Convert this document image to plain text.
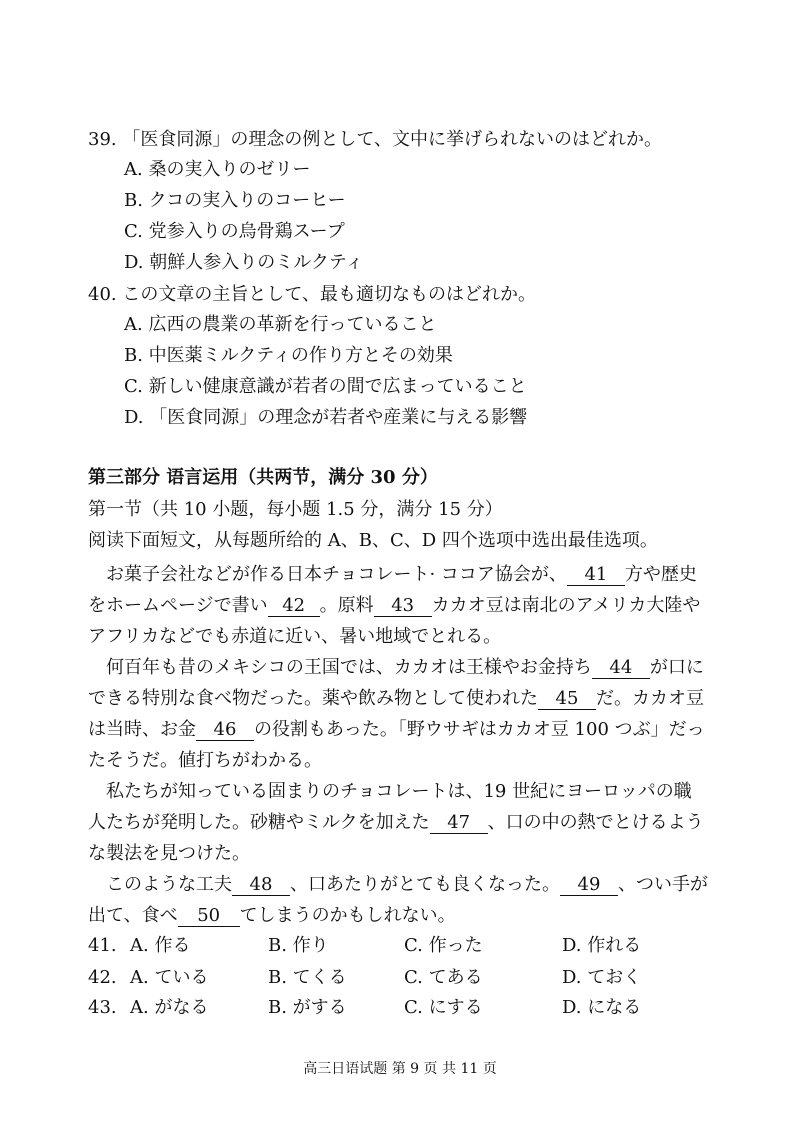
39. 「医食同源」の理念の例として、文中に挙げられないのはどれか。
A. 桑の実入りのゼリー
B. クコの実入りのコーヒー
C. 党参入りの烏骨鶏スープ
D. 朝鮮人参入りのミルクティ
40. この文章の主旨として、最も適切なものはどれか。
A. 広西の農業の革新を行っていること
B. 中医薬ミルクティの作り方とその効果
C. 新しい健康意識が若者の間で広まっていること
D. 「医食同源」の理念が若者や産業に与える影響
第三部分 语言运用（共两节，满分 30 分）
第一节（共 10 小题，每小题 1.5 分，满分 15 分）
阅读下面短文，从每题所给的 A、B、C、D 四个选项中选出最佳选项。
お菓子会社などが作る日本チョコレート· ココア協会が、 41 方や歴史
をホームページで書い 42 。原料 43 カカオ豆は南北のアメリカ大陸や
アフリカなどでも赤道に近い、暑い地域でとれる。
何百年も昔のメキシコの王国では、カカオは王様やお金持ち 44 が口に
できる特別な食べ物だった。薬や飲み物として使われた 45 だ。カカオ豆
は当時、お金 46 の役割もあった。「野ウサギはカカオ豆 100 つぶ」だっ
たそうだ。値打ちがわかる。
私たちが知っている固まりのチョコレートは、19 世紀にヨーロッパの職
人たちが発明した。砂糖やミルクを加えた 47 、口の中の熱でとけるよう
な製法を見つけた。
このような工夫 48 、口あたりがとても良くなった。 49 、つい手が
出て、食べ 50 てしまうのかもしれない。
41. A. 作る	B. 作り	C. 作った	D. 作れる
42. A. ている	B. てくる	C. てある	D. ておく
43. A. がなる	B. がする	C. にする	D. になる
高三日语试题 第 9 页 共 11 页
